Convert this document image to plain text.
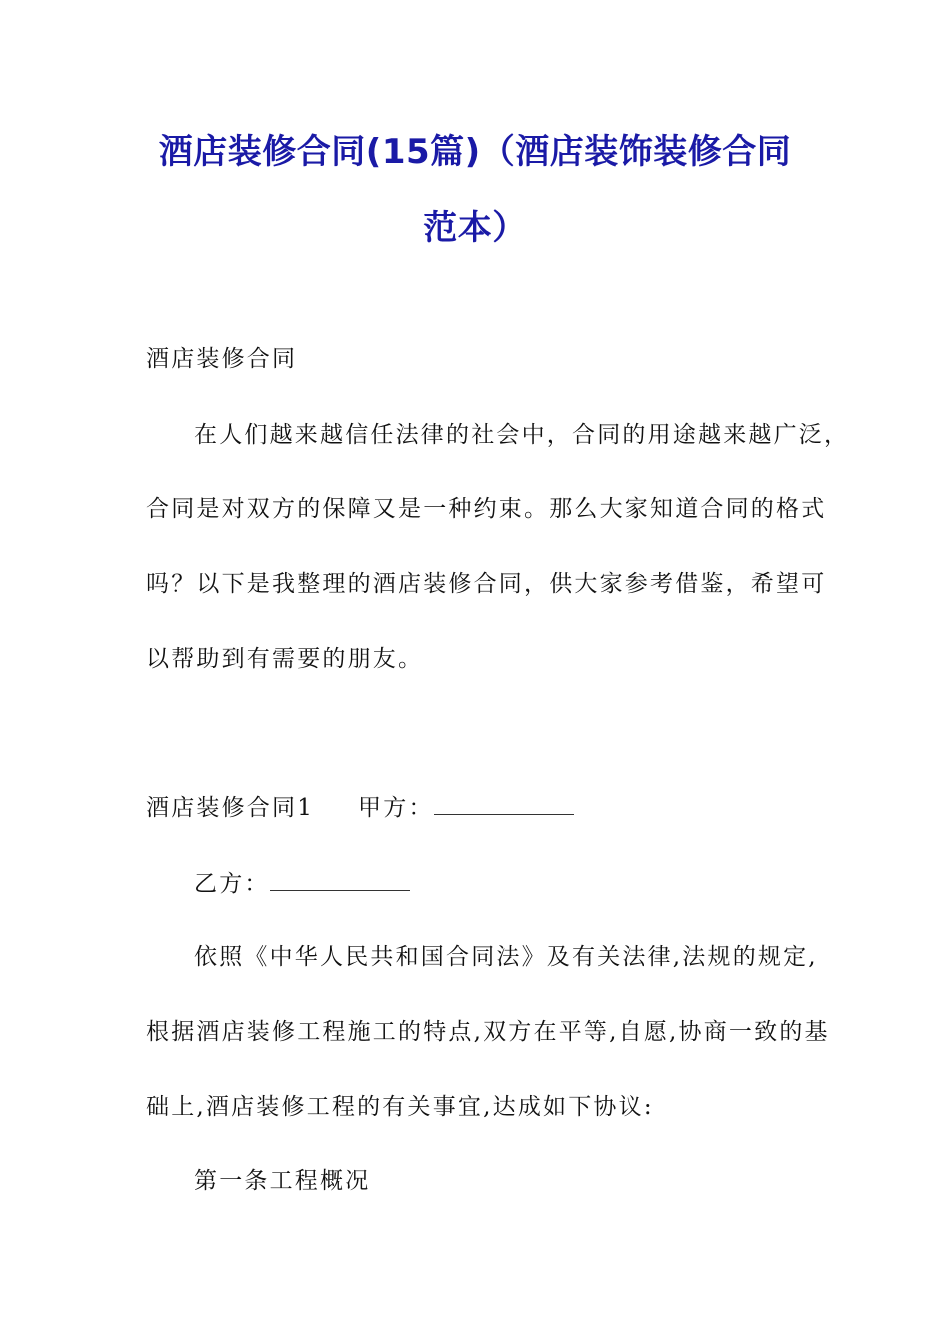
酒店装修合同(15篇)（酒店装饰装修合同
范本）
酒店装修合同
在人们越来越信任法律的社会中，合同的用途越来越广泛，
合同是对双方的保障又是一种约束。那么大家知道合同的格式
吗？以下是我整理的酒店装修合同，供大家参考借鉴，希望可
以帮助到有需要的朋友。
酒店装修合同1 甲方：
乙方：
依照《中华人民共和国合同法》及有关法律,法规的规定,
根据酒店装修工程施工的特点,双方在平等,自愿,协商一致的基
础上,酒店装修工程的有关事宜,达成如下协议:
第一条工程概况
